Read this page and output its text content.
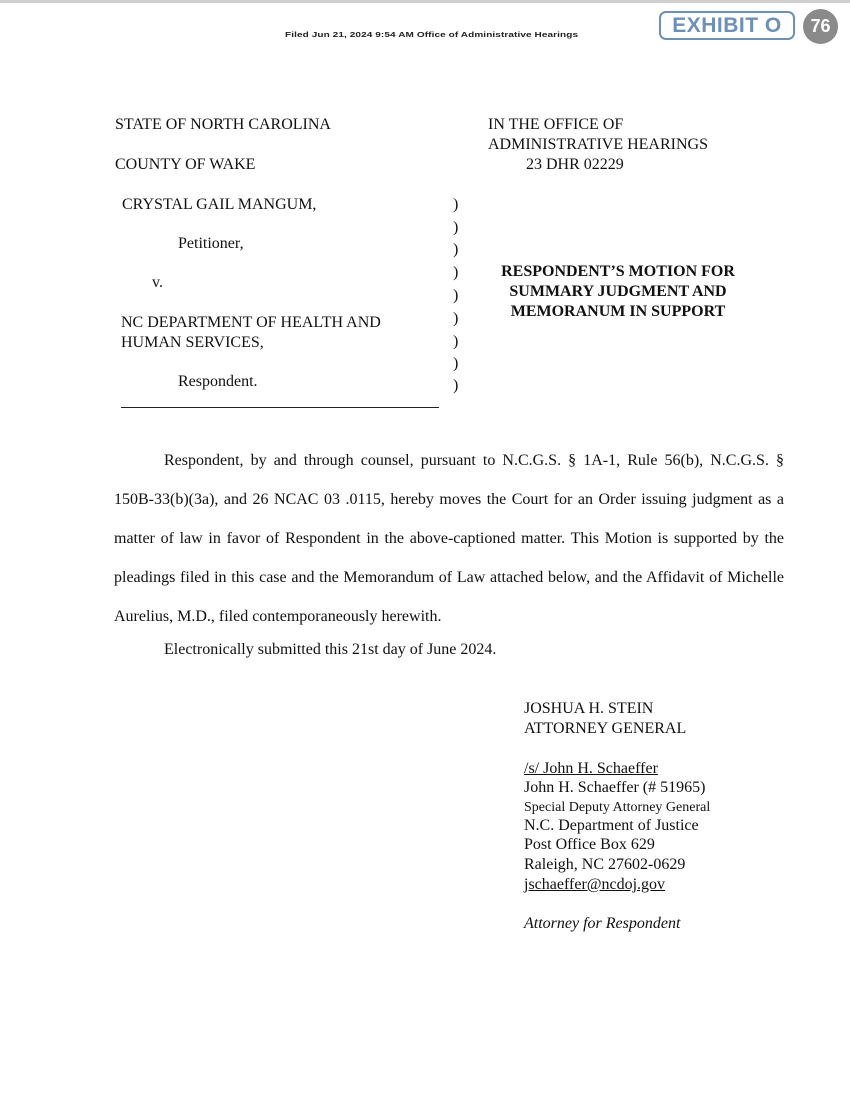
Filed Jun 21, 2024 9:54 AM Office of Administrative Hearings	EXHIBIT O	76
STATE OF NORTH CAROLINA
COUNTY OF WAKE
IN THE OFFICE OF
ADMINISTRATIVE HEARINGS
23 DHR 02229
CRYSTAL GAIL MANGUM,
Petitioner,
v.
NC DEPARTMENT OF HEALTH AND
HUMAN SERVICES,
Respondent.
)
)
)
)
)
)
)
)
)
RESPONDENT’S MOTION FOR
SUMMARY JUDGMENT AND
MEMORANUM IN SUPPORT
Respondent, by and through counsel, pursuant to N.C.G.S. § 1A-1, Rule 56(b), N.C.G.S. § 150B-33(b)(3a), and 26 NCAC 03 .0115, hereby moves the Court for an Order issuing judgment as a matter of law in favor of Respondent in the above-captioned matter. This Motion is supported by the pleadings filed in this case and the Memorandum of Law attached below, and the Affidavit of Michelle Aurelius, M.D., filed contemporaneously herewith.
Electronically submitted this 21st day of June 2024.
JOSHUA H. STEIN
ATTORNEY GENERAL
/s/ John H. Schaeffer
John H. Schaeffer (# 51965)
Special Deputy Attorney General
N.C. Department of Justice
Post Office Box 629
Raleigh, NC 27602-0629
jschaeffer@ncdoj.gov
Attorney for Respondent
